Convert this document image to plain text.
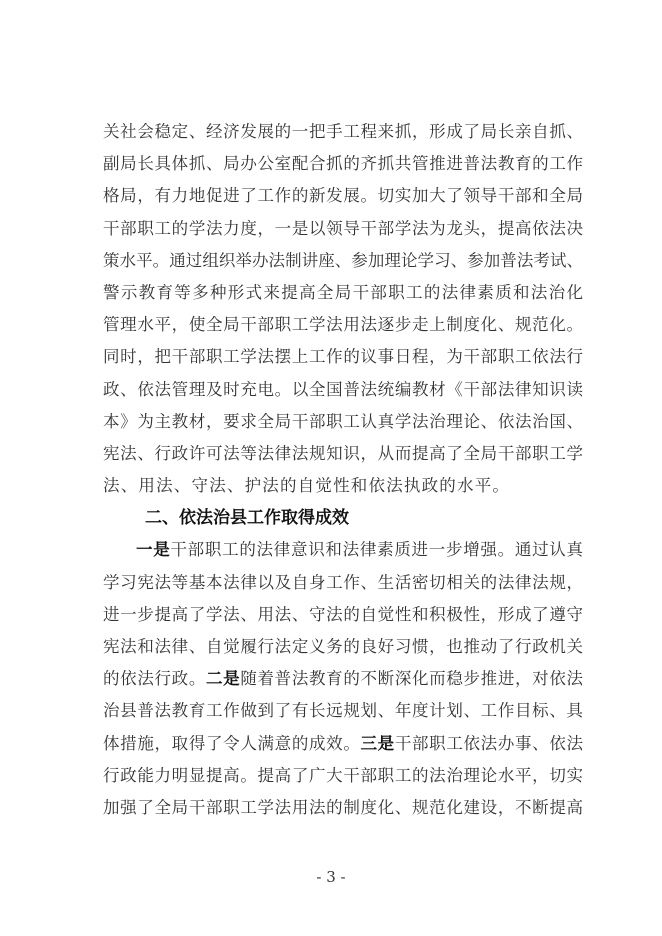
关社会稳定、经济发展的一把手工程来抓，形成了局长亲自抓、
副局长具体抓、局办公室配合抓的齐抓共管推进普法教育的工作
格局，有力地促进了工作的新发展。切实加大了领导干部和全局
干部职工的学法力度，一是以领导干部学法为龙头，提高依法决
策水平。通过组织举办法制讲座、参加理论学习、参加普法考试、
警示教育等多种形式来提高全局干部职工的法律素质和法治化
管理水平，使全局干部职工学法用法逐步走上制度化、规范化。
同时，把干部职工学法摆上工作的议事日程，为干部职工依法行
政、依法管理及时充电。以全国普法统编教材《干部法律知识读
本》为主教材，要求全局干部职工认真学法治理论、依法治国、
宪法、行政许可法等法律法规知识，从而提高了全局干部职工学
法、用法、守法、护法的自觉性和依法执政的水平。
二、依法治县工作取得成效
一是干部职工的法律意识和法律素质进一步增强。通过认真
学习宪法等基本法律以及自身工作、生活密切相关的法律法规，
进一步提高了学法、用法、守法的自觉性和积极性，形成了遵守
宪法和法律、自觉履行法定义务的良好习惯，也推动了行政机关
的依法行政。二是随着普法教育的不断深化而稳步推进，对依法
治县普法教育工作做到了有长远规划、年度计划、工作目标、具
体措施，取得了令人满意的成效。三是干部职工依法办事、依法
行政能力明显提高。提高了广大干部职工的法治理论水平，切实
加强了全局干部职工学法用法的制度化、规范化建设，不断提高
- 3 -
